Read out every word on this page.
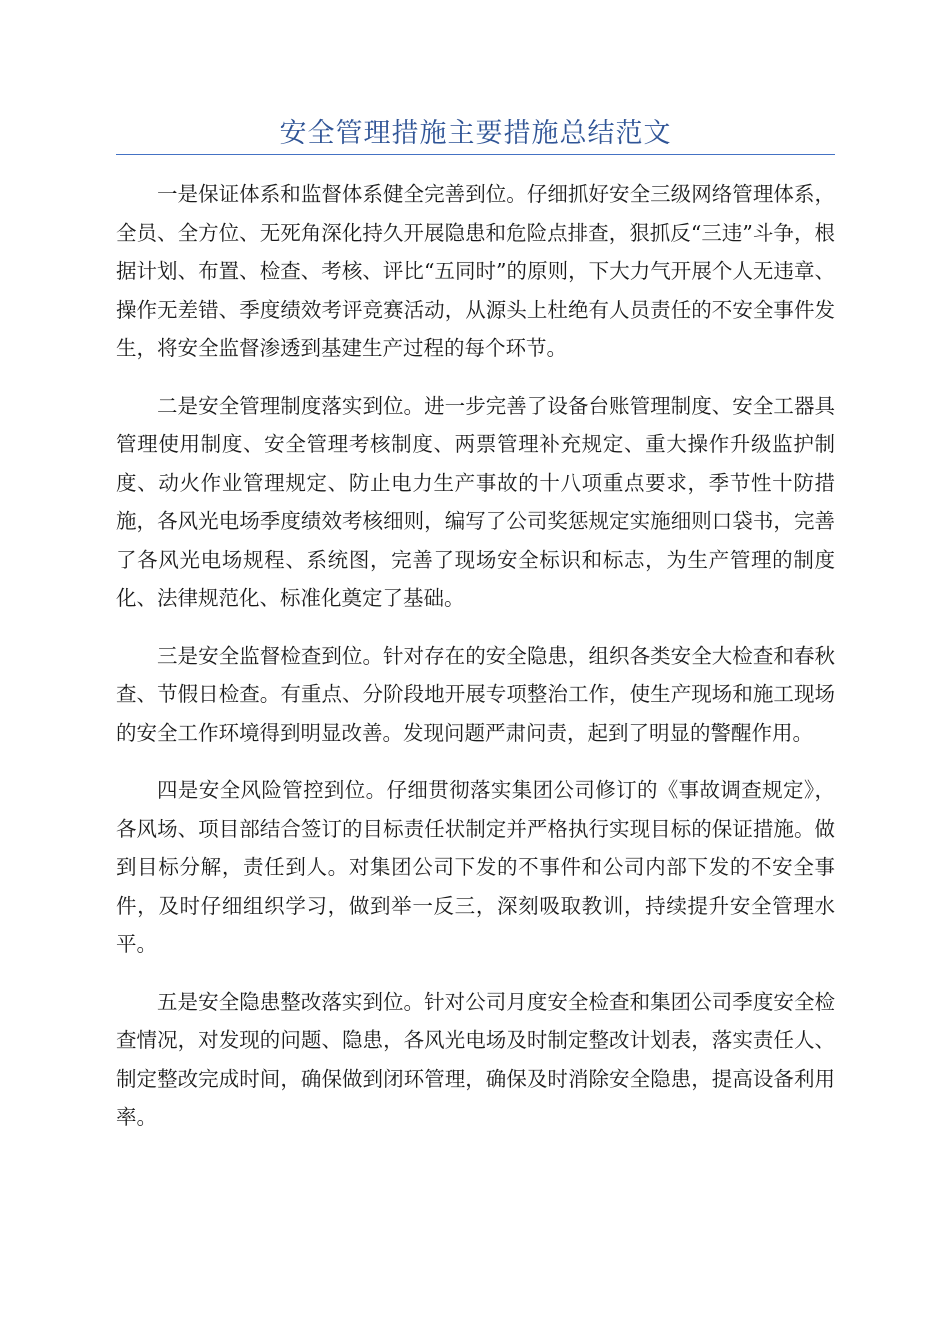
安全管理措施主要措施总结范文

一是保证体系和监督体系健全完善到位。仔细抓好安全三级网络管理体系，全员、全方位、无死角深化持久开展隐患和危险点排查，狠抓反“三违”斗争，根据计划、布置、检查、考核、评比“五同时”的原则，下大力气开展个人无违章、操作无差错、季度绩效考评竞赛活动，从源头上杜绝有人员责任的不安全事件发生，将安全监督渗透到基建生产过程的每个环节。

二是安全管理制度落实到位。进一步完善了设备台账管理制度、安全工器具管理使用制度、安全管理考核制度、两票管理补充规定、重大操作升级监护制度、动火作业管理规定、防止电力生产事故的十八项重点要求，季节性十防措施，各风光电场季度绩效考核细则，编写了公司奖惩规定实施细则口袋书，完善了各风光电场规程、系统图，完善了现场安全标识和标志，为生产管理的制度化、法律规范化、标准化奠定了基础。

三是安全监督检查到位。针对存在的安全隐患，组织各类安全大检查和春秋查、节假日检查。有重点、分阶段地开展专项整治工作，使生产现场和施工现场的安全工作环境得到明显改善。发现问题严肃问责，起到了明显的警醒作用。

四是安全风险管控到位。仔细贯彻落实集团公司修订的《事故调查规定》，各风场、项目部结合签订的目标责任状制定并严格执行实现目标的保证措施。做到目标分解，责任到人。对集团公司下发的不事件和公司内部下发的不安全事件，及时仔细组织学习，做到举一反三，深刻吸取教训，持续提升安全管理水平。

五是安全隐患整改落实到位。针对公司月度安全检查和集团公司季度安全检查情况，对发现的问题、隐患，各风光电场及时制定整改计划表，落实责任人、制定整改完成时间，确保做到闭环管理，确保及时消除安全隐患，提高设备利用率。
